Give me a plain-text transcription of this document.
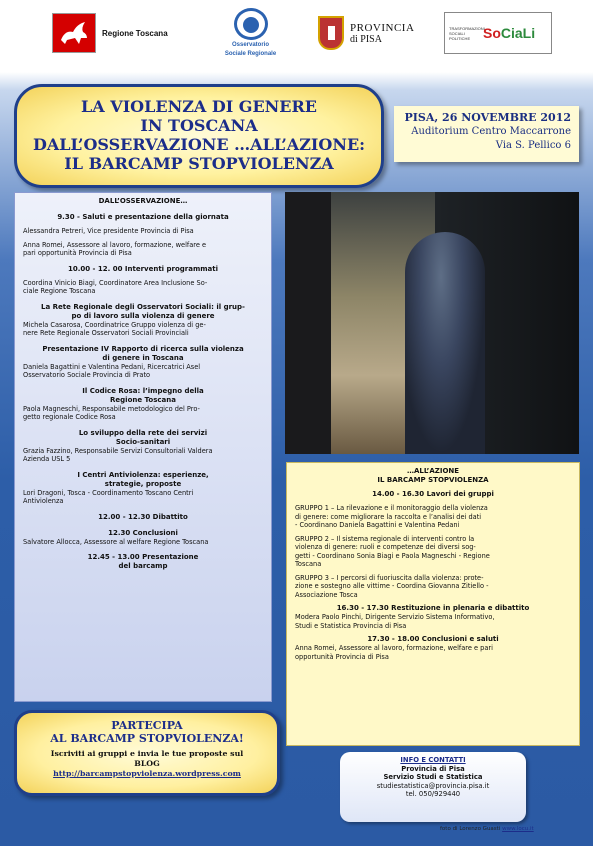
Regione Toscana
Osservatorio
Sociale Regionale
PROVINCIA
di PISA
TRASFORMAZIONI SOCIALI POLITICHE SoCiaLi
LA VIOLENZA DI GENERE
IN TOSCANA
DALL’OSSERVAZIONE …ALL’AZIONE:
IL BARCAMP STOPVIOLENZA
PISA, 26 NOVEMBRE 2012
Auditorium Centro Maccarrone
Via S. Pellico 6
DALL’OSSERVAZIONE…
9.30 - Saluti e presentazione della giornata
Alessandra Petreri, Vice presidente Provincia di Pisa
Anna Romei, Assessore al lavoro, formazione, welfare e
pari opportunità Provincia di Pisa
10.00 - 12. 00 Interventi programmati
Coordina Vinicio Biagi, Coordinatore Area Inclusione So-
ciale Regione Toscana
La Rete Regionale degli Osservatori Sociali: il grup-
po di lavoro sulla violenza di genere
Michela Casarosa, Coordinatrice Gruppo violenza di ge-
nere Rete Regionale Osservatori Sociali Provinciali
Presentazione IV Rapporto di ricerca sulla violenza
di genere in Toscana
Daniela Bagattini e Valentina Pedani, Ricercatrici Asel
Osservatorio Sociale Provincia di Prato
Il Codice Rosa: l’impegno della
Regione Toscana
Paola Magneschi, Responsabile metodologico del Pro-
getto regionale Codice Rosa
Lo sviluppo della rete dei servizi
Socio-sanitari
Grazia Fazzino, Responsabile Servizi Consultoriali Valdera
Azienda USL 5
I Centri Antiviolenza: esperienze,
strategie, proposte
Lori Dragoni, Tosca - Coordinamento Toscano Centri
Antiviolenza
12.00 - 12.30 Dibattito
12.30 Conclusioni
Salvatore Allocca, Assessore al welfare Regione Toscana
12.45 - 13.00 Presentazione
del barcamp
…ALL’AZIONE
IL BARCAMP STOPVIOLENZA
14.00 - 16.30 Lavori dei gruppi
GRUPPO 1 – La rilevazione e il monitoraggio della violenza
di genere: come migliorare la raccolta e l’analisi dei dati
- Coordinano Daniela Bagattini e Valentina Pedani
GRUPPO 2 – Il sistema regionale di interventi contro la
violenza di genere: ruoli e competenze dei diversi sog-
getti - Coordinano Sonia Biagi e Paola Magneschi - Regione
Toscana
GRUPPO 3 – I percorsi di fuoriuscita dalla violenza: prote-
zione e sostegno alle vittime - Coordina Giovanna Zitiello -
Associazione Tosca
16.30 - 17.30 Restituzione in plenaria e dibattito
Modera Paolo Pinchi, Dirigente Servizio Sistema Informativo,
Studi e Statistica Provincia di Pisa
17.30 - 18.00 Conclusioni e saluti
Anna Romei, Assessore al lavoro, formazione, welfare e pari
opportunità Provincia di Pisa
PARTECIPA
AL BARCAMP STOPVIOLENZA!
Iscriviti ai gruppi e invia le tue proposte sul
BLOG
http://barcampstopviolenza.wordpress.com
INFO E CONTATTI
Provincia di Pisa
Servizio Studi e Statistica
studiestatistica@provincia.pisa.it
tel. 050/929440
foto di Lorenzo Guasti www.locu.it
